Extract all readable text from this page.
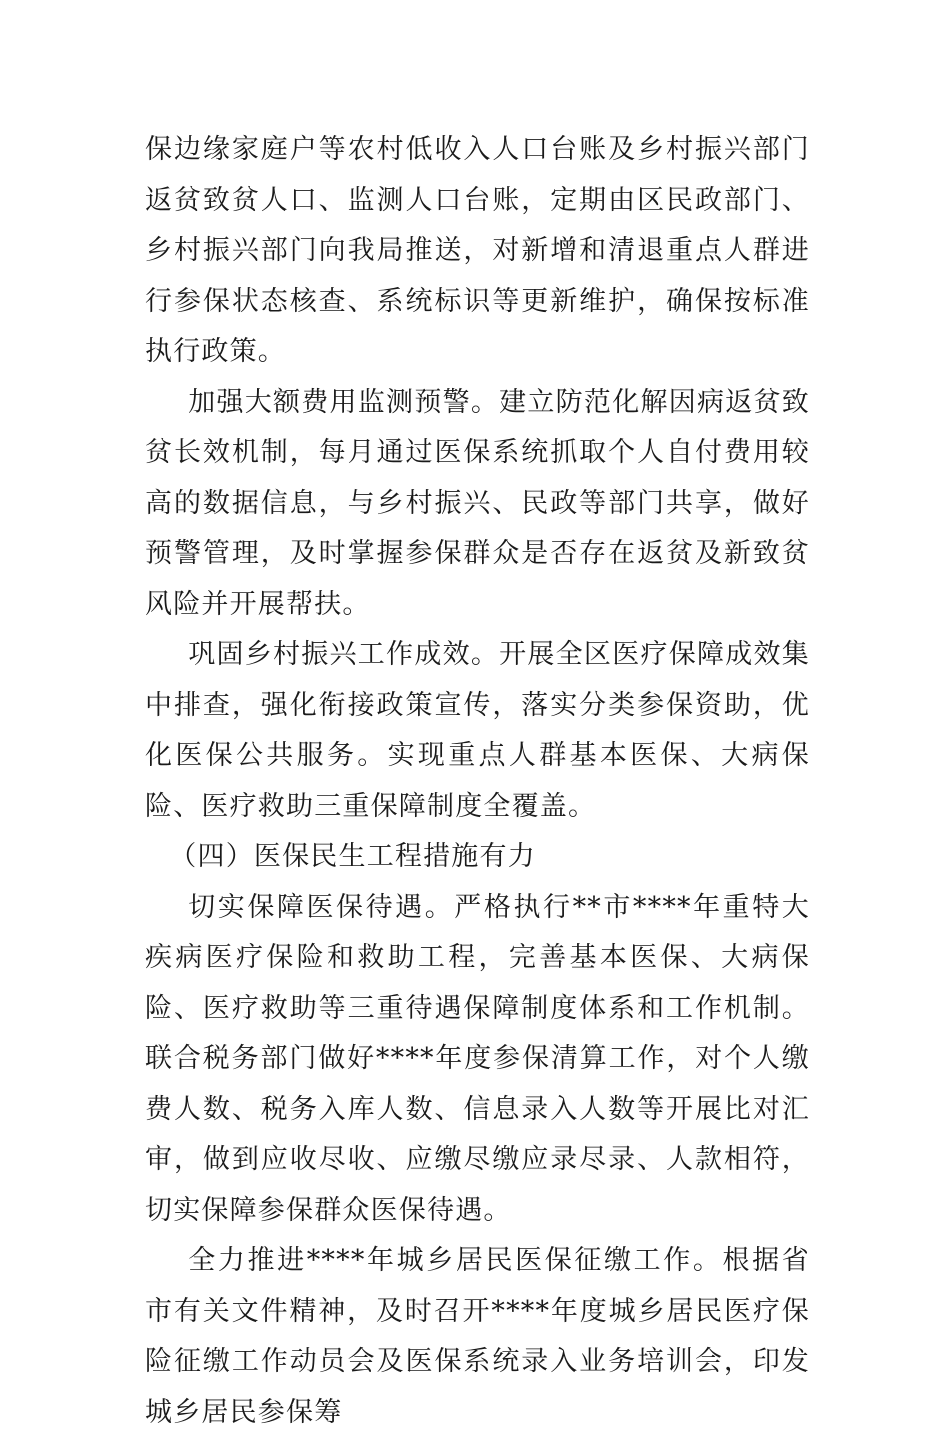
保边缘家庭户等农村低收入人口台账及乡村振兴部门返贫致贫人口、监测人口台账，定期由区民政部门、乡村振兴部门向我局推送，对新增和清退重点人群进行参保状态核查、系统标识等更新维护，确保按标准执行政策。

加强大额费用监测预警。建立防范化解因病返贫致贫长效机制，每月通过医保系统抓取个人自付费用较高的数据信息，与乡村振兴、民政等部门共享，做好预警管理，及时掌握参保群众是否存在返贫及新致贫风险并开展帮扶。

巩固乡村振兴工作成效。开展全区医疗保障成效集中排查，强化衔接政策宣传，落实分类参保资助，优化医保公共服务。实现重点人群基本医保、大病保险、医疗救助三重保障制度全覆盖。

（四）医保民生工程措施有力

切实保障医保待遇。严格执行**市****年重特大疾病医疗保险和救助工程，完善基本医保、大病保险、医疗救助等三重待遇保障制度体系和工作机制。联合税务部门做好****年度参保清算工作，对个人缴费人数、税务入库人数、信息录入人数等开展比对汇审，做到应收尽收、应缴尽缴应录尽录、人款相符，切实保障参保群众医保待遇。

全力推进****年城乡居民医保征缴工作。根据省市有关文件精神，及时召开****年度城乡居民医疗保险征缴工作动员会及医保系统录入业务培训会，印发城乡居民参保筹
